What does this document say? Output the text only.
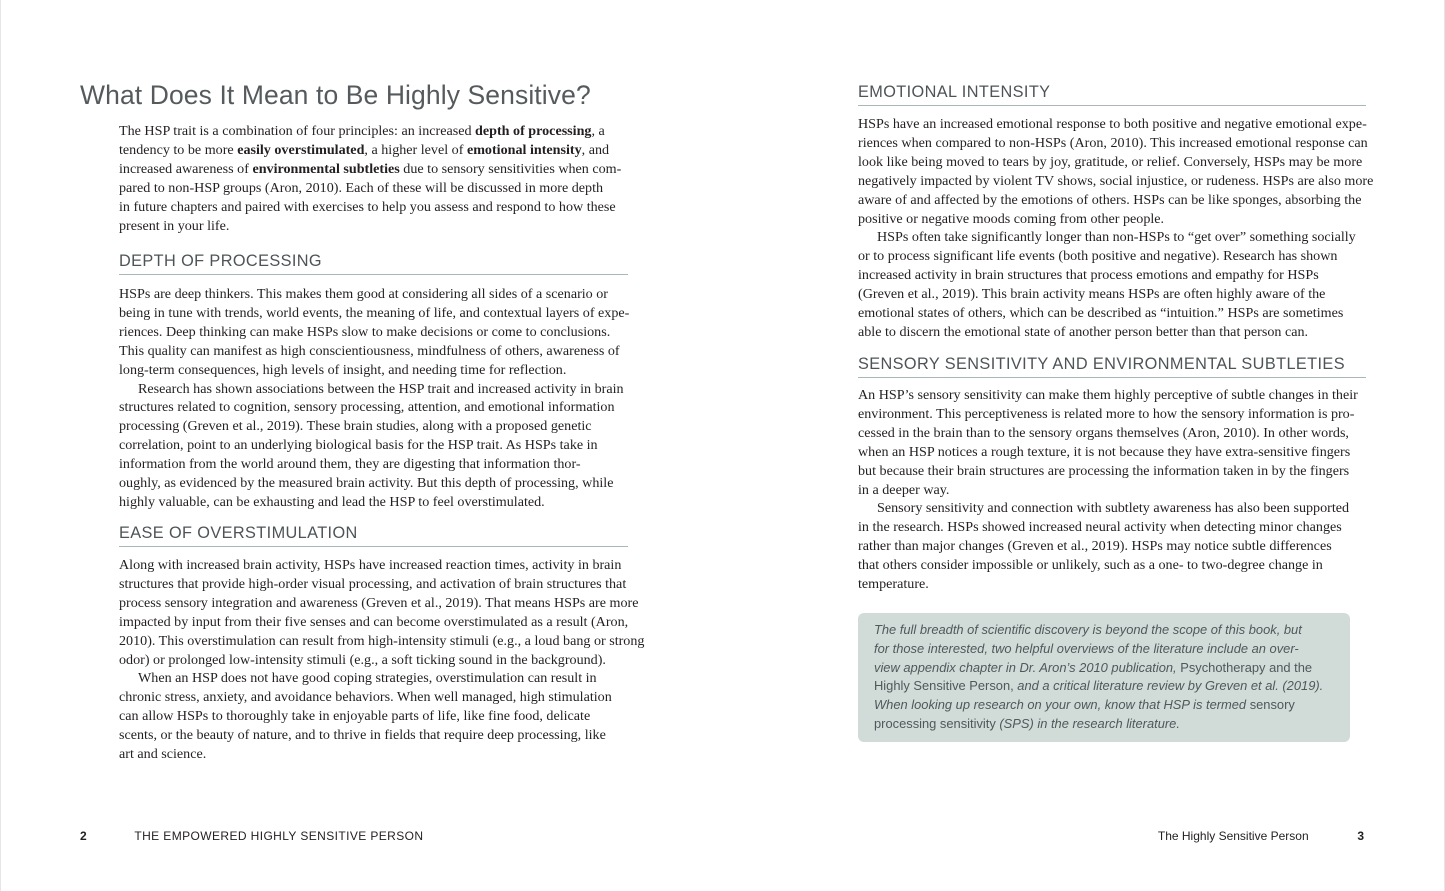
What Does It Mean to Be Highly Sensitive?

The HSP trait is a combination of four principles: an increased depth of processing, a
tendency to be more easily overstimulated, a higher level of emotional intensity, and
increased awareness of environmental subtleties due to sensory sensitivities when com-
pared to non-HSP groups (Aron, 2010). Each of these will be discussed in more depth
in future chapters and paired with exercises to help you assess and respond to how these
present in your life.

DEPTH OF PROCESSING

HSPs are deep thinkers. This makes them good at considering all sides of a scenario or
being in tune with trends, world events, the meaning of life, and contextual layers of expe-
riences. Deep thinking can make HSPs slow to make decisions or come to conclusions.
This quality can manifest as high conscientiousness, mindfulness of others, awareness of
long-term consequences, high levels of insight, and needing time for reflection.

Research has shown associations between the HSP trait and increased activity in brain
structures related to cognition, sensory processing, attention, and emotional information
processing (Greven et al., 2019). These brain studies, along with a proposed genetic
correlation, point to an underlying biological basis for the HSP trait. As HSPs take in
information from the world around them, they are digesting that information thor-
oughly, as evidenced by the measured brain activity. But this depth of processing, while
highly valuable, can be exhausting and lead the HSP to feel overstimulated.

EASE OF OVERSTIMULATION

Along with increased brain activity, HSPs have increased reaction times, activity in brain
structures that provide high-order visual processing, and activation of brain structures that
process sensory integration and awareness (Greven et al., 2019). That means HSPs are more
impacted by input from their five senses and can become overstimulated as a result (Aron,
2010). This overstimulation can result from high-intensity stimuli (e.g., a loud bang or strong
odor) or prolonged low-intensity stimuli (e.g., a soft ticking sound in the background).

When an HSP does not have good coping strategies, overstimulation can result in
chronic stress, anxiety, and avoidance behaviors. When well managed, high stimulation
can allow HSPs to thoroughly take in enjoyable parts of life, like fine food, delicate
scents, or the beauty of nature, and to thrive in fields that require deep processing, like
art and science.

2	THE EMPOWERED HIGHLY SENSITIVE PERSON
EMOTIONAL INTENSITY

HSPs have an increased emotional response to both positive and negative emotional expe-
riences when compared to non-HSPs (Aron, 2010). This increased emotional response can
look like being moved to tears by joy, gratitude, or relief. Conversely, HSPs may be more
negatively impacted by violent TV shows, social injustice, or rudeness. HSPs are also more
aware of and affected by the emotions of others. HSPs can be like sponges, absorbing the
positive or negative moods coming from other people.

HSPs often take significantly longer than non-HSPs to “get over” something socially
or to process significant life events (both positive and negative). Research has shown
increased activity in brain structures that process emotions and empathy for HSPs
(Greven et al., 2019). This brain activity means HSPs are often highly aware of the
emotional states of others, which can be described as “intuition.” HSPs are sometimes
able to discern the emotional state of another person better than that person can.

SENSORY SENSITIVITY AND ENVIRONMENTAL SUBTLETIES

An HSP’s sensory sensitivity can make them highly perceptive of subtle changes in their
environment. This perceptiveness is related more to how the sensory information is pro-
cessed in the brain than to the sensory organs themselves (Aron, 2010). In other words,
when an HSP notices a rough texture, it is not because they have extra-sensitive fingers
but because their brain structures are processing the information taken in by the fingers
in a deeper way.

Sensory sensitivity and connection with subtlety awareness has also been supported
in the research. HSPs showed increased neural activity when detecting minor changes
rather than major changes (Greven et al., 2019). HSPs may notice subtle differences
that others consider impossible or unlikely, such as a one- to two-degree change in
temperature.

The full breadth of scientific discovery is beyond the scope of this book, but
for those interested, two helpful overviews of the literature include an over-
view appendix chapter in Dr. Aron’s 2010 publication, Psychotherapy and the
Highly Sensitive Person, and a critical literature review by Greven et al. (2019).
When looking up research on your own, know that HSP is termed sensory
processing sensitivity (SPS) in the research literature.

The Highly Sensitive Person	3
